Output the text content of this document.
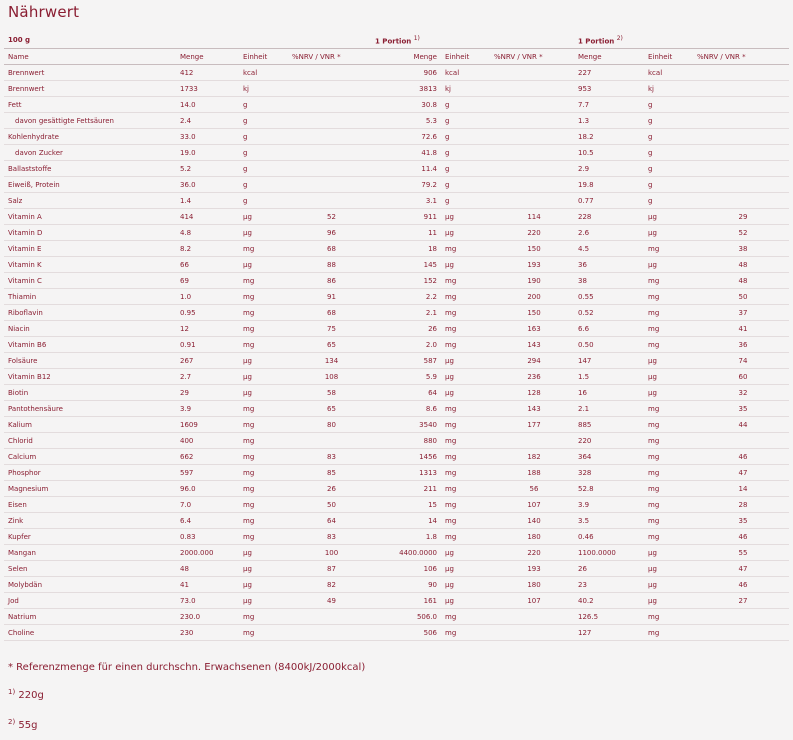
Nährwert
100 g				1 Portion $^{1)}$			1 Portion $^{2)}$		
Name	Menge	Einheit	%NRV / VNR *	Menge	Einheit	%NRV / VNR *	Menge	Einheit	%NRV / VNR *
Brennwert	412	kcal		906	kcal		227	kcal	
Brennwert	1733	kj		3813	kj		953	kj	
Fett	14.0	g		30.8	g		7.7	g	
davon gesättigte Fettsäuren	2.4	g		5.3	g		1.3	g	
Kohlenhydrate	33.0	g		72.6	g		18.2	g	
davon Zucker	19.0	g		41.8	g		10.5	g	
Ballaststoffe	5.2	g		11.4	g		2.9	g	
Eiweiß, Protein	36.0	g		79.2	g		19.8	g	
Salz	1.4	g		3.1	g		0.77	g	
Vitamin A	414	µg	52	911	µg	114	228	µg	29
Vitamin D	4.8	µg	96	11	µg	220	2.6	µg	52
Vitamin E	8.2	mg	68	18	mg	150	4.5	mg	38
Vitamin K	66	µg	88	145	µg	193	36	µg	48
Vitamin C	69	mg	86	152	mg	190	38	mg	48
Thiamin	1.0	mg	91	2.2	mg	200	0.55	mg	50
Riboflavin	0.95	mg	68	2.1	mg	150	0.52	mg	37
Niacin	12	mg	75	26	mg	163	6.6	mg	41
Vitamin B6	0.91	mg	65	2.0	mg	143	0.50	mg	36
Folsäure	267	µg	134	587	µg	294	147	µg	74
Vitamin B12	2.7	µg	108	5.9	µg	236	1.5	µg	60
Biotin	29	µg	58	64	µg	128	16	µg	32
Pantothensäure	3.9	mg	65	8.6	mg	143	2.1	mg	35
Kalium	1609	mg	80	3540	mg	177	885	mg	44
Chlorid	400	mg		880	mg		220	mg	
Calcium	662	mg	83	1456	mg	182	364	mg	46
Phosphor	597	mg	85	1313	mg	188	328	mg	47
Magnesium	96.0	mg	26	211	mg	56	52.8	mg	14
Eisen	7.0	mg	50	15	mg	107	3.9	mg	28
Zink	6.4	mg	64	14	mg	140	3.5	mg	35
Kupfer	0.83	mg	83	1.8	mg	180	0.46	mg	46
Mangan	2000.000	µg	100	4400.0000	µg	220	1100.0000	µg	55
Selen	48	µg	87	106	µg	193	26	µg	47
Molybdän	41	µg	82	90	µg	180	23	µg	46
Jod	73.0	µg	49	161	µg	107	40.2	µg	27
Natrium	230.0	mg		506.0	mg		126.5	mg	
Choline	230	mg		506	mg		127	mg	
* Referenzmenge für einen durchschn. Erwachsenen (8400kJ/2000kcal)
$^{1)}$ 220g
$^{2)}$ 55g
